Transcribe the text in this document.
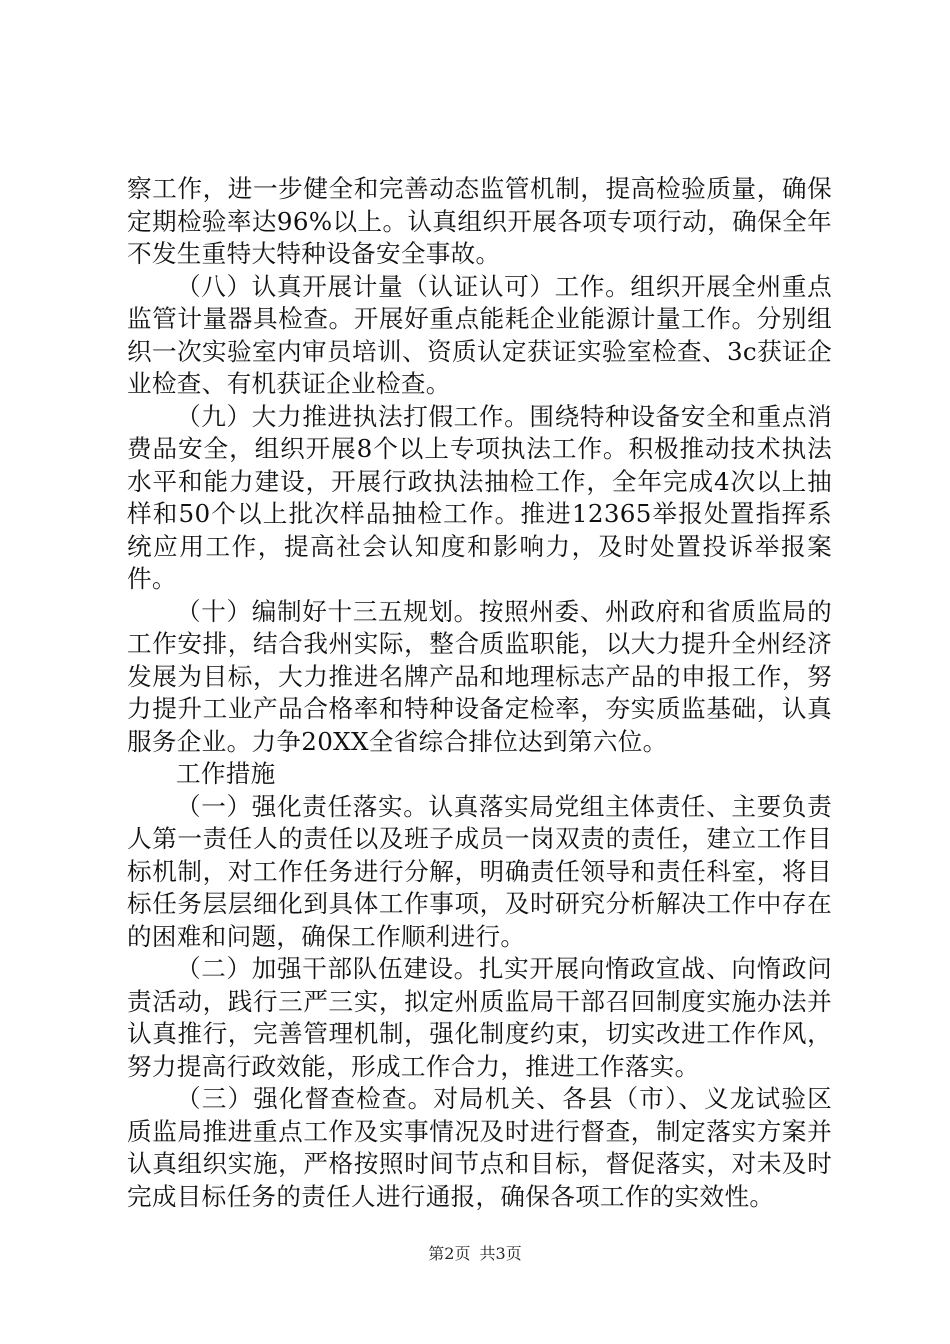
察工作，进一步健全和完善动态监管机制，提高检验质量，确保定期检验率达96%以上。认真组织开展各项专项行动，确保全年不发生重特大特种设备安全事故。

（八）认真开展计量（认证认可）工作。组织开展全州重点监管计量器具检查。开展好重点能耗企业能源计量工作。分别组织一次实验室内审员培训、资质认定获证实验室检查、3c获证企业检查、有机获证企业检查。

（九）大力推进执法打假工作。围绕特种设备安全和重点消费品安全，组织开展8个以上专项执法工作。积极推动技术执法水平和能力建设，开展行政执法抽检工作，全年完成4次以上抽样和50个以上批次样品抽检工作。推进12365举报处置指挥系统应用工作，提高社会认知度和影响力，及时处置投诉举报案件。

（十）编制好十三五规划。按照州委、州政府和省质监局的工作安排，结合我州实际，整合质监职能，以大力提升全州经济发展为目标，大力推进名牌产品和地理标志产品的申报工作，努力提升工业产品合格率和特种设备定检率，夯实质监基础，认真服务企业。力争20XX全省综合排位达到第六位。

工作措施

（一）强化责任落实。认真落实局党组主体责任、主要负责人第一责任人的责任以及班子成员一岗双责的责任，建立工作目标机制，对工作任务进行分解，明确责任领导和责任科室，将目标任务层层细化到具体工作事项，及时研究分析解决工作中存在的困难和问题，确保工作顺利进行。

（二）加强干部队伍建设。扎实开展向惰政宣战、向惰政问责活动，践行三严三实，拟定州质监局干部召回制度实施办法并认真推行，完善管理机制，强化制度约束，切实改进工作作风，努力提高行政效能，形成工作合力，推进工作落实。

（三）强化督查检查。对局机关、各县（市）、义龙试验区质监局推进重点工作及实事情况及时进行督查，制定落实方案并认真组织实施，严格按照时间节点和目标，督促落实，对未及时完成目标任务的责任人进行通报，确保各项工作的实效性。

第2页 共3页
